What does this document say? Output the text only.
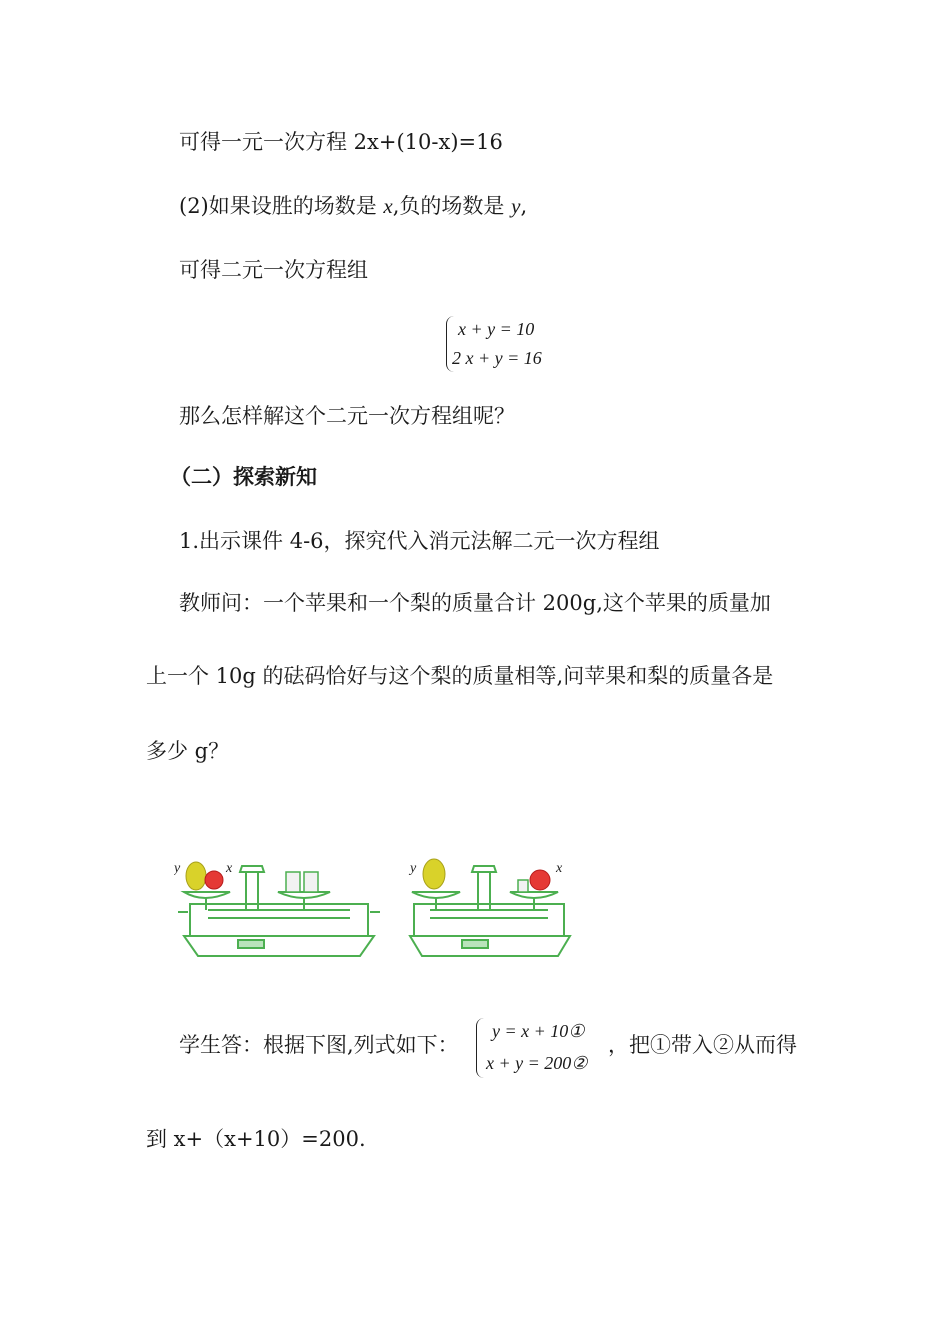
可得一元一次方程 2x+(10-x)=16
(2)如果设胜的场数是 x,负的场数是 y,
可得二元一次方程组
x + y = 10
2 x + y = 16
那么怎样解这个二元一次方程组呢？
（二）探索新知
1.出示课件 4-6，探究代入消元法解二元一次方程组
教师问：一个苹果和一个梨的质量合计 200g,这个苹果的质量加
上一个 10g 的砝码恰好与这个梨的质量相等,问苹果和梨的质量各是
多少 g？
y	x	y	x
学生答：根据下图,列式如下：
y = x + 10①
x + y = 200②
，把①带入②从而得
到 x+（x+10）=200.
